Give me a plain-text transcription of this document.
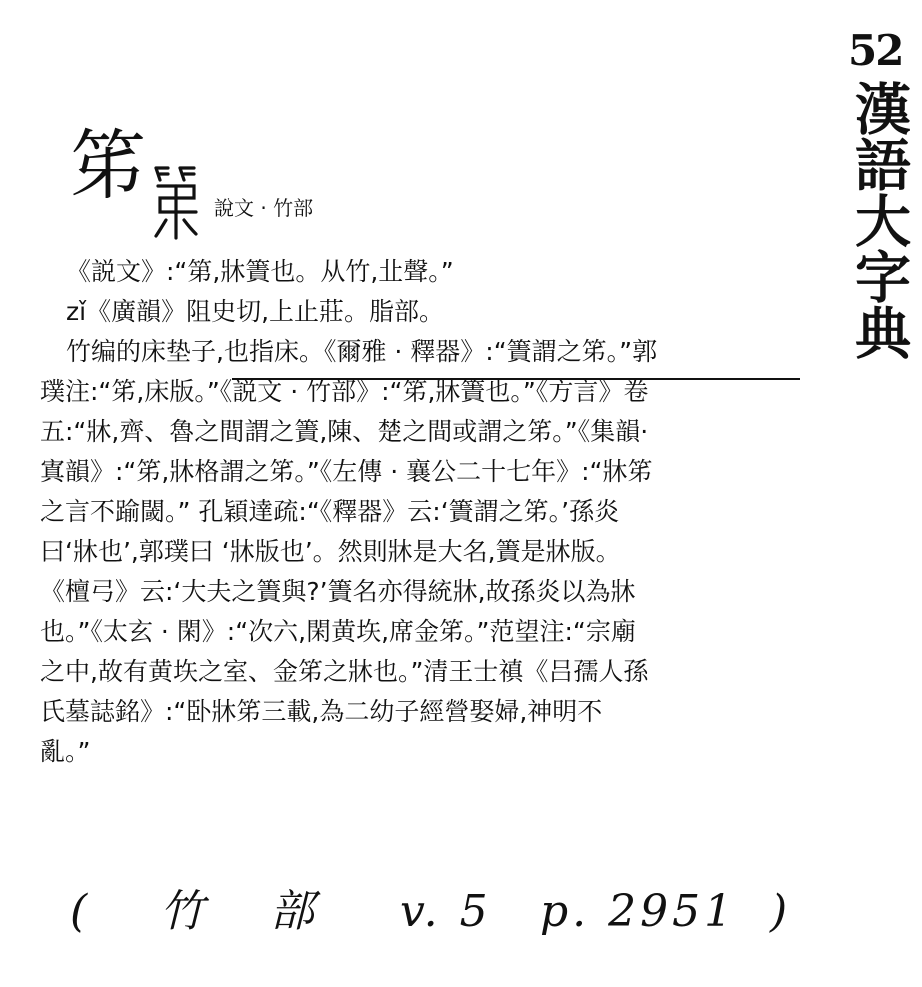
52
漢語大字典
笫	說文 · 竹部
《説文》:“第,牀簀也。从竹,㐀聲。”
zǐ《廣韻》阻史切,上止莊。脂部。
竹编的床垫子,也指床。《爾雅 · 釋器》:“簀謂之笫。”郭
璞注:“笫,床版。”《説文 · 竹部》:“笫,牀簀也。”《方言》卷
五:“牀,齊、魯之間謂之簀,陳、楚之間或謂之笫。”《集韻·
寘韻》:“笫,牀格謂之笫。”《左傳 · 襄公二十七年》:“牀笫
之言不踰閾。” 孔穎達疏:“《釋器》云:‘簀謂之笫。’孫炎
曰‘牀也’,郭璞曰 ‘牀版也’。然則牀是大名,簀是牀版。
《檀弓》云:‘大夫之簀與?’簀名亦得統牀,故孫炎以為牀
也。”《太玄 · 閑》:“次六,閑黄垁,席金笫。”范望注:“宗廟
之中,故有黄垁之室、金笫之牀也。”清王士禛《吕孺人孫
氏墓誌銘》:“卧牀笫三載,為二幼子經營娶婦,神明不
亂。”
( 竹 部 v. 5 p. 2951 )
